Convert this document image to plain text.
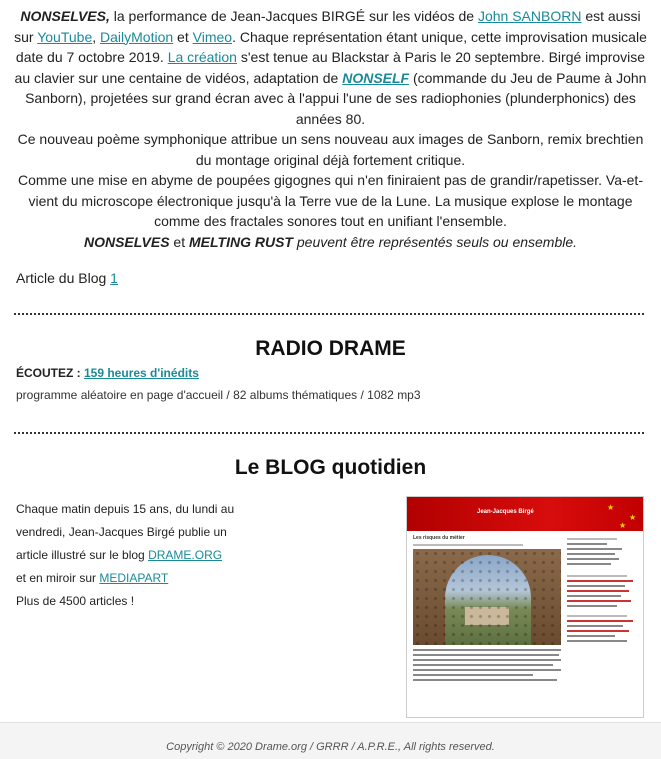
NONSELVES, la performance de Jean-Jacques BIRGÉ sur les vidéos de John SANBORN est aussi sur YouTube, DailyMotion et Vimeo. Chaque représentation étant unique, cette improvisation musicale date du 7 octobre 2019. La création s'est tenue au Blackstar à Paris le 20 septembre. Birgé improvise au clavier sur une centaine de vidéos, adaptation de NONSELF (commande du Jeu de Paume à John Sanborn), projetées sur grand écran avec à l'appui l'une de ses radiophonies (plunderphonics) des années 80.

Ce nouveau poème symphonique attribue un sens nouveau aux images de Sanborn, remix brechtien du montage original déjà fortement critique.

Comme une mise en abyme de poupées gigognes qui n'en finiraient pas de grandir/rapetisser. Va-et-vient du microscope électronique jusqu'à la Terre vue de la Lune. La musique explose le montage comme des fractales sonores tout en unifiant l'ensemble.

NONSELVES et MELTING RUST peuvent être représentés seuls ou ensemble.

Article du Blog 1
RADIO DRAME
ÉCOUTEZ : 159 heures d'inédits
programme aléatoire en page d'accueil / 82 albums thématiques / 1082 mp3
Le BLOG quotidien

Chaque matin depuis 15 ans, du lundi au

vendredi, Jean-Jacques Birgé publie un

article illustré sur le blog DRAME.ORG

et en miroir sur MEDIAPART

Plus de 4500 articles !

Jean-Jacques Birgé	★
★
★
Les risques du métier
Copyright © 2020 Drame.org / GRRR / A.P.R.E., All rights reserved.
